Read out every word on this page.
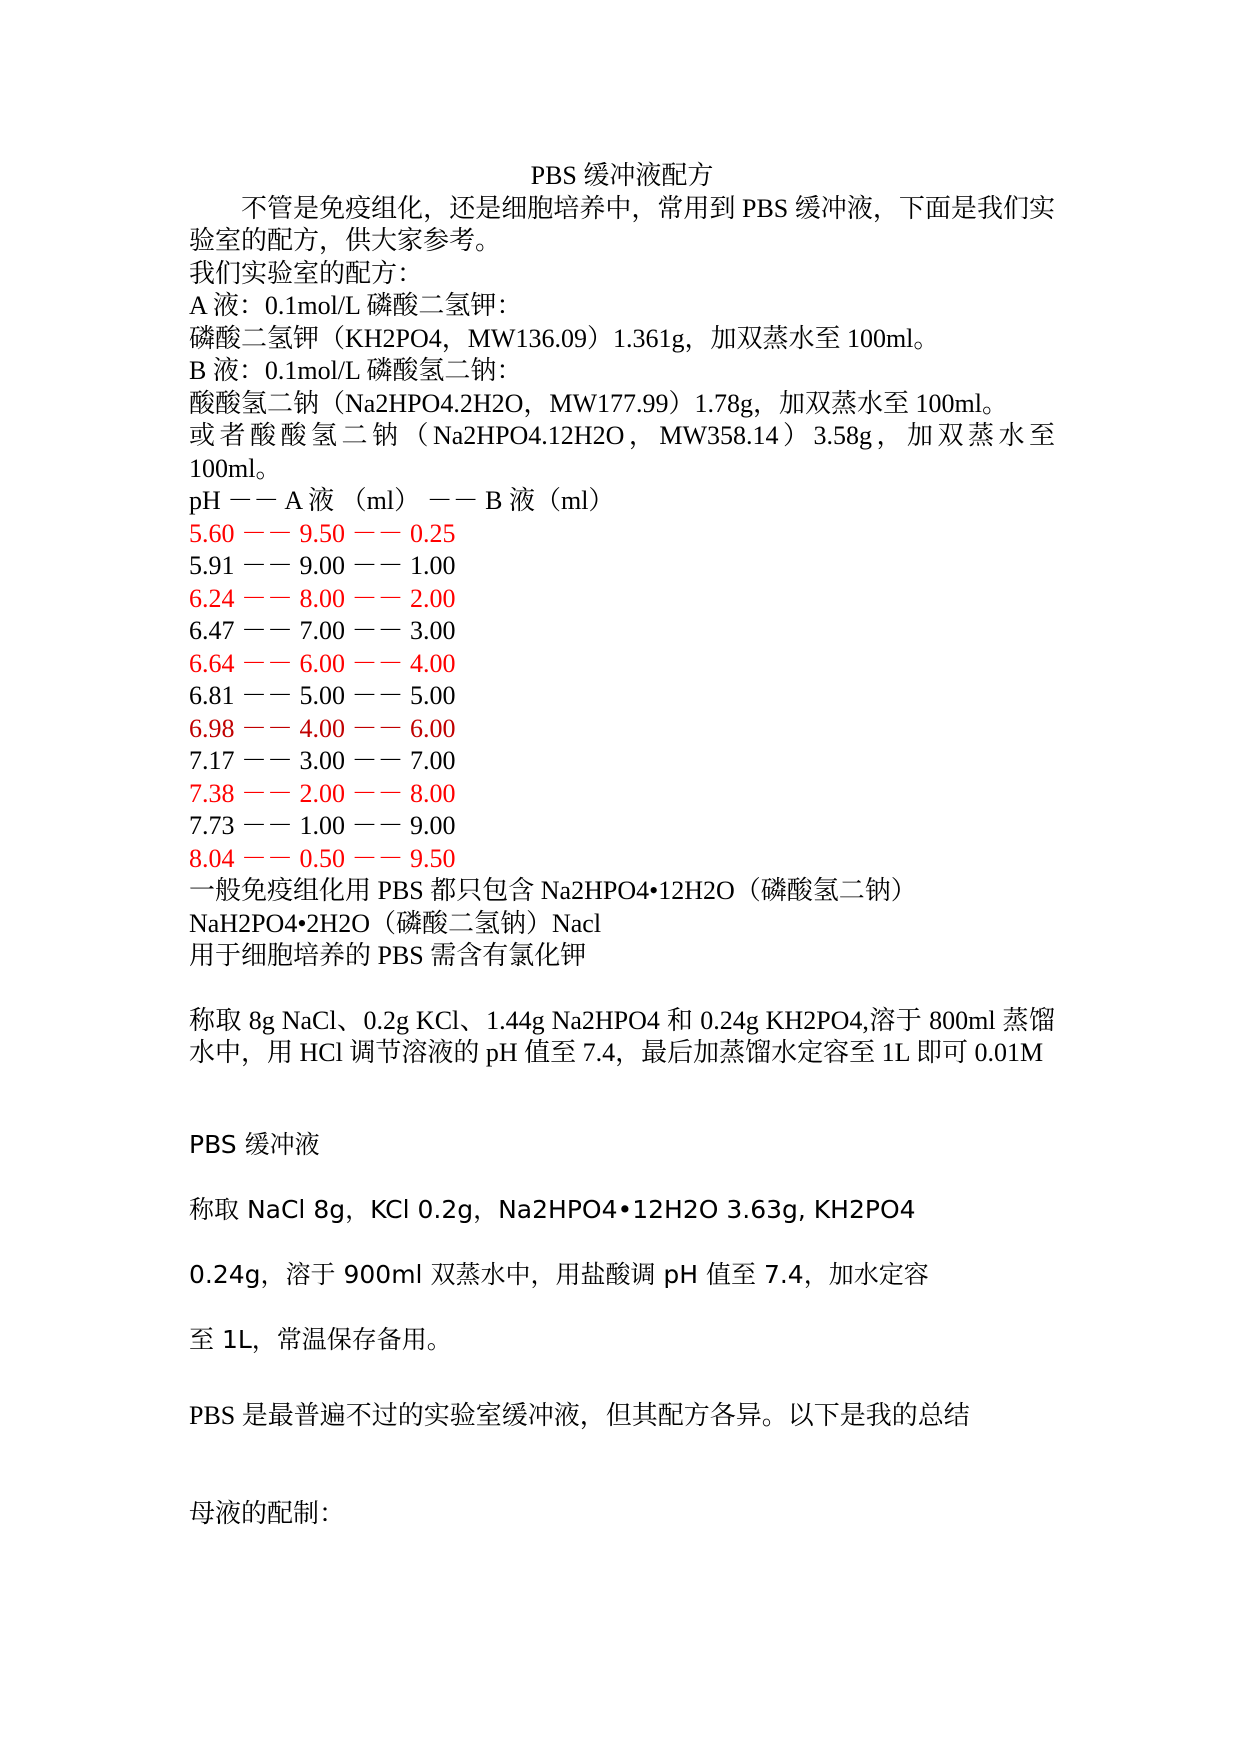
PBS 缓冲液配方

不管是免疫组化，还是细胞培养中，常用到 PBS 缓冲液，下面是我们实验室的配方，供大家参考。

我们实验室的配方：

A 液：0.1mol/L 磷酸二氢钾：

磷酸二氢钾（KH2PO4，MW136.09）1.361g，加双蒸水至 100ml。

B 液：0.1mol/L 磷酸氢二钠：

酸酸氢二钠（Na2HPO4.2H2O，MW177.99）1.78g，加双蒸水至 100ml。

或者酸酸氢二钠（Na2HPO4.12H2O，MW358.14）3.58g，加双蒸水至 100ml。

pH －－ A 液 （ml） －－ B 液（ml）

5.60 －－ 9.50 －－ 0.25

5.91 －－ 9.00 －－ 1.00

6.24 －－ 8.00 －－ 2.00

6.47 －－ 7.00 －－ 3.00

6.64 －－ 6.00 －－ 4.00

6.81 －－ 5.00 －－ 5.00

6.98 －－ 4.00 －－ 6.00

7.17 －－ 3.00 －－ 7.00

7.38 －－ 2.00 －－ 8.00

7.73 －－ 1.00 －－ 9.00

8.04 －－ 0.50 －－ 9.50

一般免疫组化用 PBS 都只包含 Na2HPO4•12H2O（磷酸氢二钠）

NaH2PO4•2H2O（磷酸二氢钠）Nacl

用于细胞培养的 PBS 需含有氯化钾

称取 8g NaCl、0.2g KCl、1.44g Na2HPO4 和 0.24g KH2PO4,溶于 800ml 蒸馏水中，用 HCl 调节溶液的 pH 值至 7.4，最后加蒸馏水定容至 1L 即可 0.01M

PBS 缓冲液

称取 NaCl 8g，KCl 0.2g，Na2HPO4•12H2O 3.63g, KH2PO4

0.24g，溶于 900ml 双蒸水中，用盐酸调 pH 值至 7.4，加水定容

至 1L，常温保存备用。

PBS 是最普遍不过的实验室缓冲液，但其配方各异。以下是我的总结

母液的配制：
